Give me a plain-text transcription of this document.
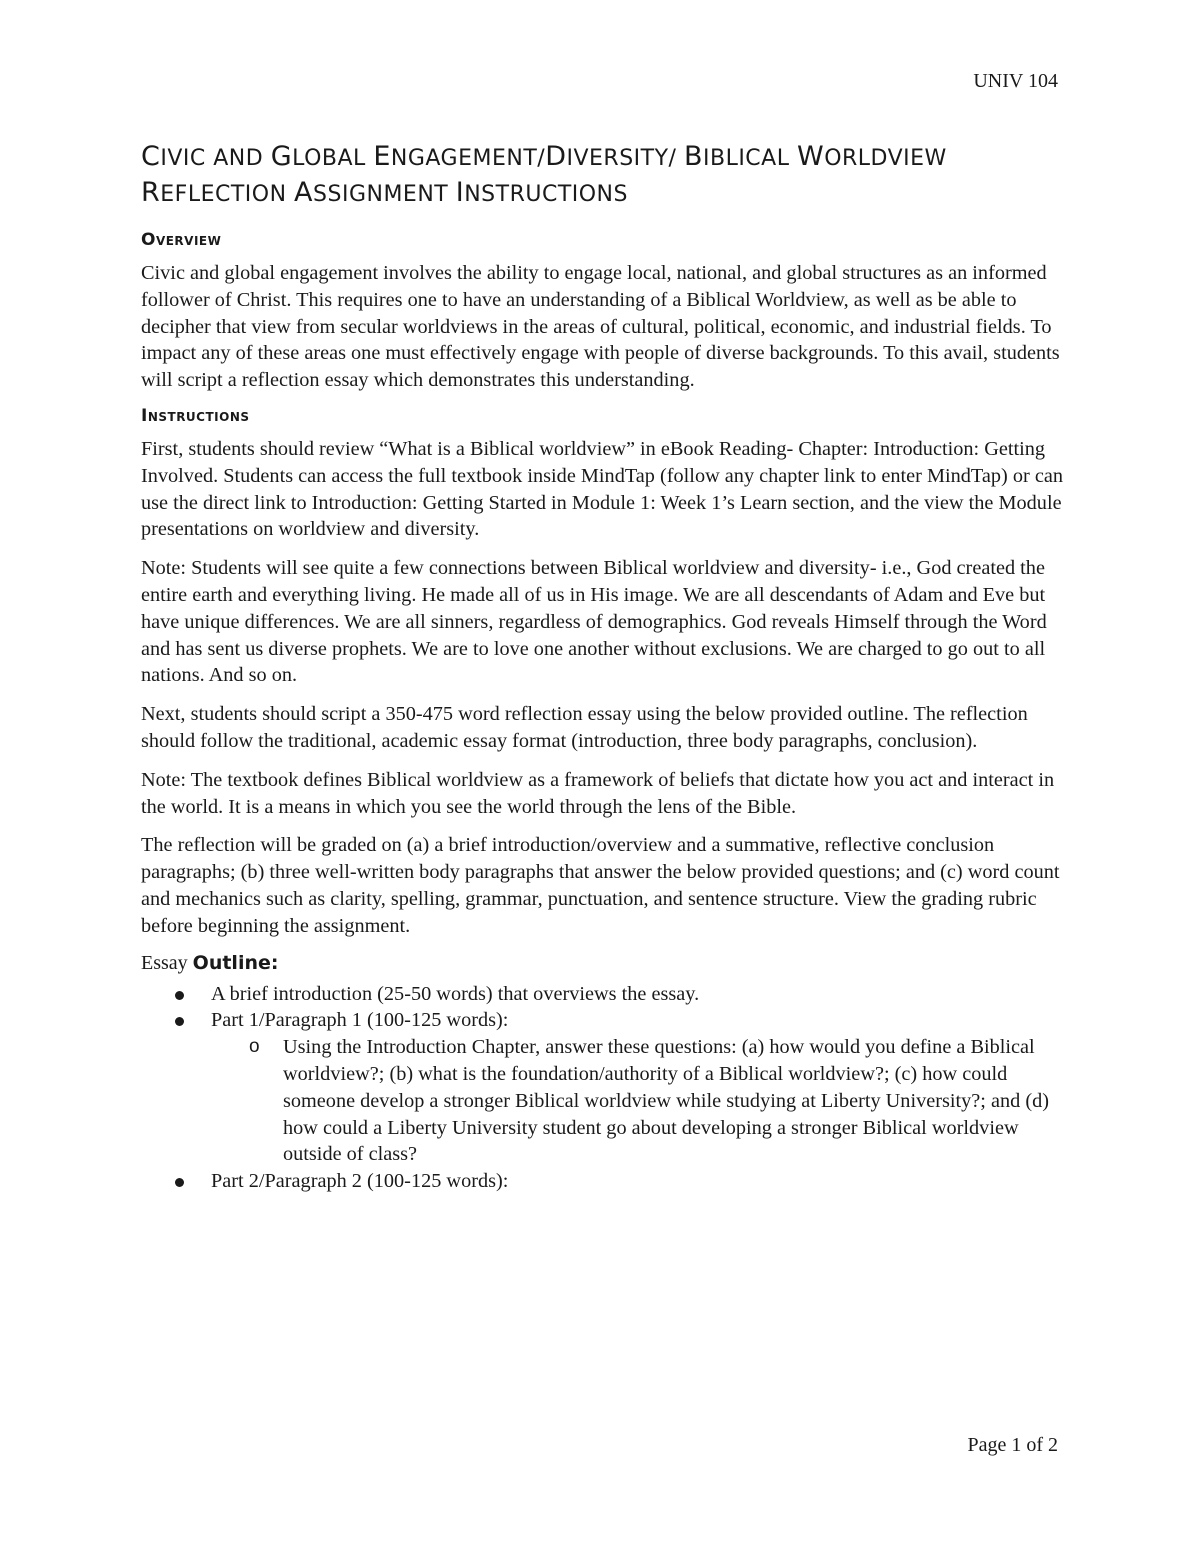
UNIV 104
CIVIC AND GLOBAL ENGAGEMENT/DIVERSITY/ BIBLICAL WORLDVIEW
REFLECTION ASSIGNMENT INSTRUCTIONS
Overview

Civic and global engagement involves the ability to engage local, national, and global structures as an informed follower of Christ. This requires one to have an understanding of a Biblical Worldview, as well as be able to decipher that view from secular worldviews in the areas of cultural, political, economic, and industrial fields. To impact any of these areas one must effectively engage with people of diverse backgrounds. To this avail, students will script a reflection essay which demonstrates this understanding.

Instructions

First, students should review “What is a Biblical worldview” in eBook Reading- Chapter: Introduction: Getting Involved. Students can access the full textbook inside MindTap (follow any chapter link to enter MindTap) or can use the direct link to Introduction: Getting Started in Module 1: Week 1’s Learn section, and the view the Module presentations on worldview and diversity.

Note: Students will see quite a few connections between Biblical worldview and diversity- i.e., God created the entire earth and everything living. He made all of us in His image. We are all descendants of Adam and Eve but have unique differences. We are all sinners, regardless of demographics. God reveals Himself through the Word and has sent us diverse prophets. We are to love one another without exclusions. We are charged to go out to all nations. And so on.

Next, students should script a 350-475 word reflection essay using the below provided outline. The reflection should follow the traditional, academic essay format (introduction, three body paragraphs, conclusion).

Note: The textbook defines Biblical worldview as a framework of beliefs that dictate how you act and interact in the world. It is a means in which you see the world through the lens of the Bible.

The reflection will be graded on (a) a brief introduction/overview and a summative, reflective conclusion paragraphs; (b) three well-written body paragraphs that answer the below provided questions; and (c) word count and mechanics such as clarity, spelling, grammar, punctuation, and sentence structure. View the grading rubric before beginning the assignment.

Essay Outline:
A brief introduction (25-50 words) that overviews the essay.
Part 1/Paragraph 1 (100-125 words):
o Using the Introduction Chapter, answer these questions: (a) how would you define a Biblical worldview?; (b) what is the foundation/authority of a Biblical worldview?; (c) how could someone develop a stronger Biblical worldview while studying at Liberty University?; and (d) how could a Liberty University student go about developing a stronger Biblical worldview outside of class?
Part 2/Paragraph 2 (100-125 words):
Page 1 of 2
